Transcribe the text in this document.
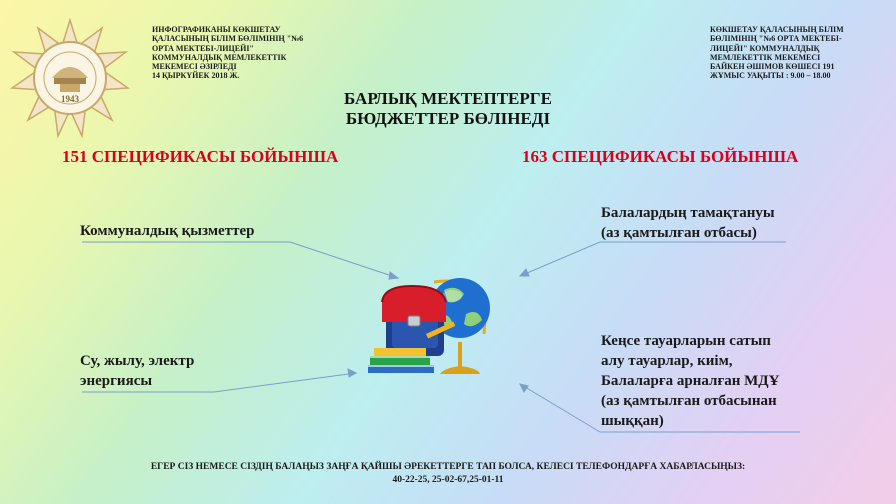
1943
ИНФОГРАФИКАНЫ КӨКШЕТАУ
ҚАЛАСЫНЫҢ БІЛІМ БӨЛІМІНІҢ "№6
ОРТА МЕКТЕБІ-ЛИЦЕЙІ"
КОММУНАЛДЫҚ МЕМЛЕКЕТТІК
МЕКЕМЕСІ ӘЗІРЛЕДІ
14 ҚЫРКҮЙЕК 2018 Ж.
КӨКШЕТАУ ҚАЛАСЫНЫҢ БІЛІМ
БӨЛІМІНІҢ "№6 ОРТА МЕКТЕБІ-
ЛИЦЕЙІ" КОММУНАЛДЫҚ
МЕМЛЕКЕТТІК МЕКЕМЕСІ
БАЙКЕН ӘШІМОВ КӨШЕСІ 191
ЖҰМЫС УАҚЫТЫ : 9.00 – 18.00
БАРЛЫҚ МЕКТЕПТЕРГЕ
БЮДЖЕТТЕР БӨЛІНЕДІ
151 СПЕЦИФИКАСЫ БОЙЫНША	163 СПЕЦИФИКАСЫ БОЙЫНША
Коммуналдық қызметтер
Балалардың тамақтануы
(аз қамтылған отбасы)
Су, жылу, электр
энергиясы
Кеңсе тауарларын сатып
алу тауарлар, киім,
Балаларға арналған МДҰ
(аз қамтылған отбасынан
шыққан)
ЕГЕР СІЗ НЕМЕСЕ СІЗДІҢ БАЛАҢЫЗ ЗАҢҒА ҚАЙШЫ ӘРЕКЕТТЕРГЕ ТАП БОЛСА, КЕЛЕСІ ТЕЛЕФОНДАРҒА ХАБАРЛАСЫҢЫЗ:
40-22-25, 25-02-67,25-01-11
